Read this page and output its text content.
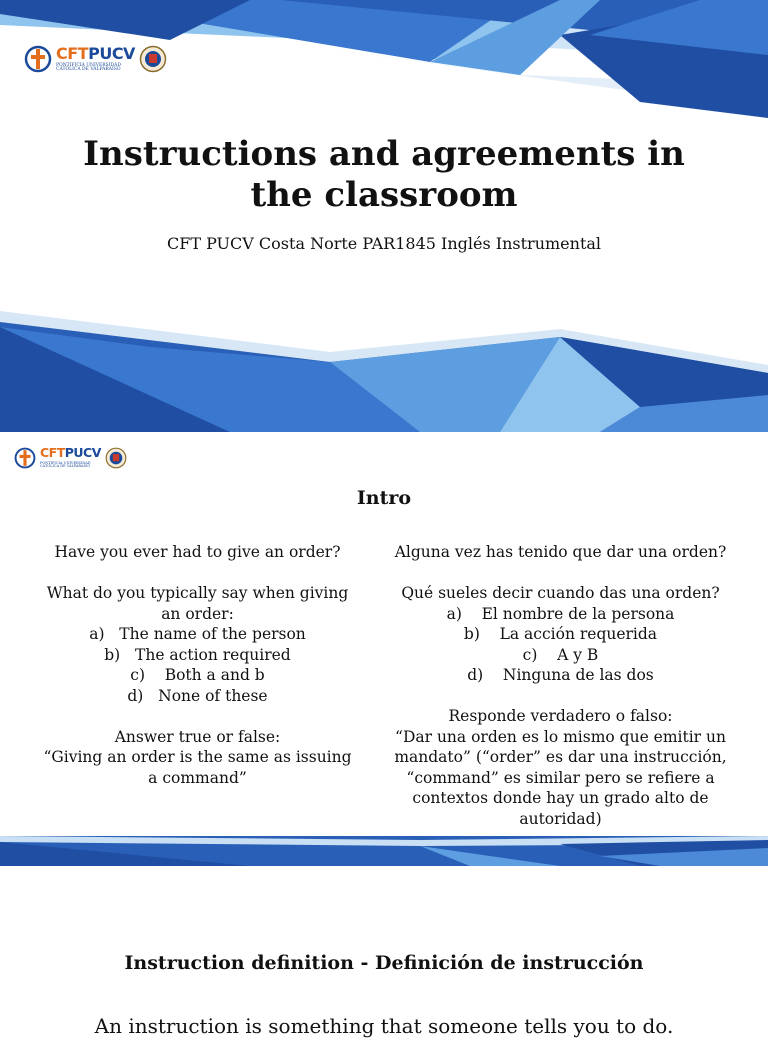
CFTPUCV
PONTIFICIA UNIVERSIDAD
CATÓLICA DE VALPARAÍSO
Instructions and agreements in the classroom

CFT PUCV Costa Norte PAR1845 Inglés Instrumental

CFTPUCV
PONTIFICIA UNIVERSIDAD
CATÓLICA DE VALPARAÍSO
Intro

Have you ever had to give an order?

What do you typically say when giving an order:

a)   The name of the person

b)   The action required

c)    Both a and b

d)   None of these

Answer true or false:

“Giving an order is the same as issuing a command”

Alguna vez has tenido que dar una orden?

Qué sueles decir cuando das una orden?

a)    El nombre de la persona

b)    La acción requerida

c)    A y B

d)    Ninguna de las dos

Responde verdadero o falso:

“Dar una orden es lo mismo que emitir un mandato” (“order” es dar una instrucción, “command” es similar pero se refiere a contextos donde hay un grado alto de autoridad)

Instruction definition - Definición de instrucción

An instruction is something that someone tells you to do.
